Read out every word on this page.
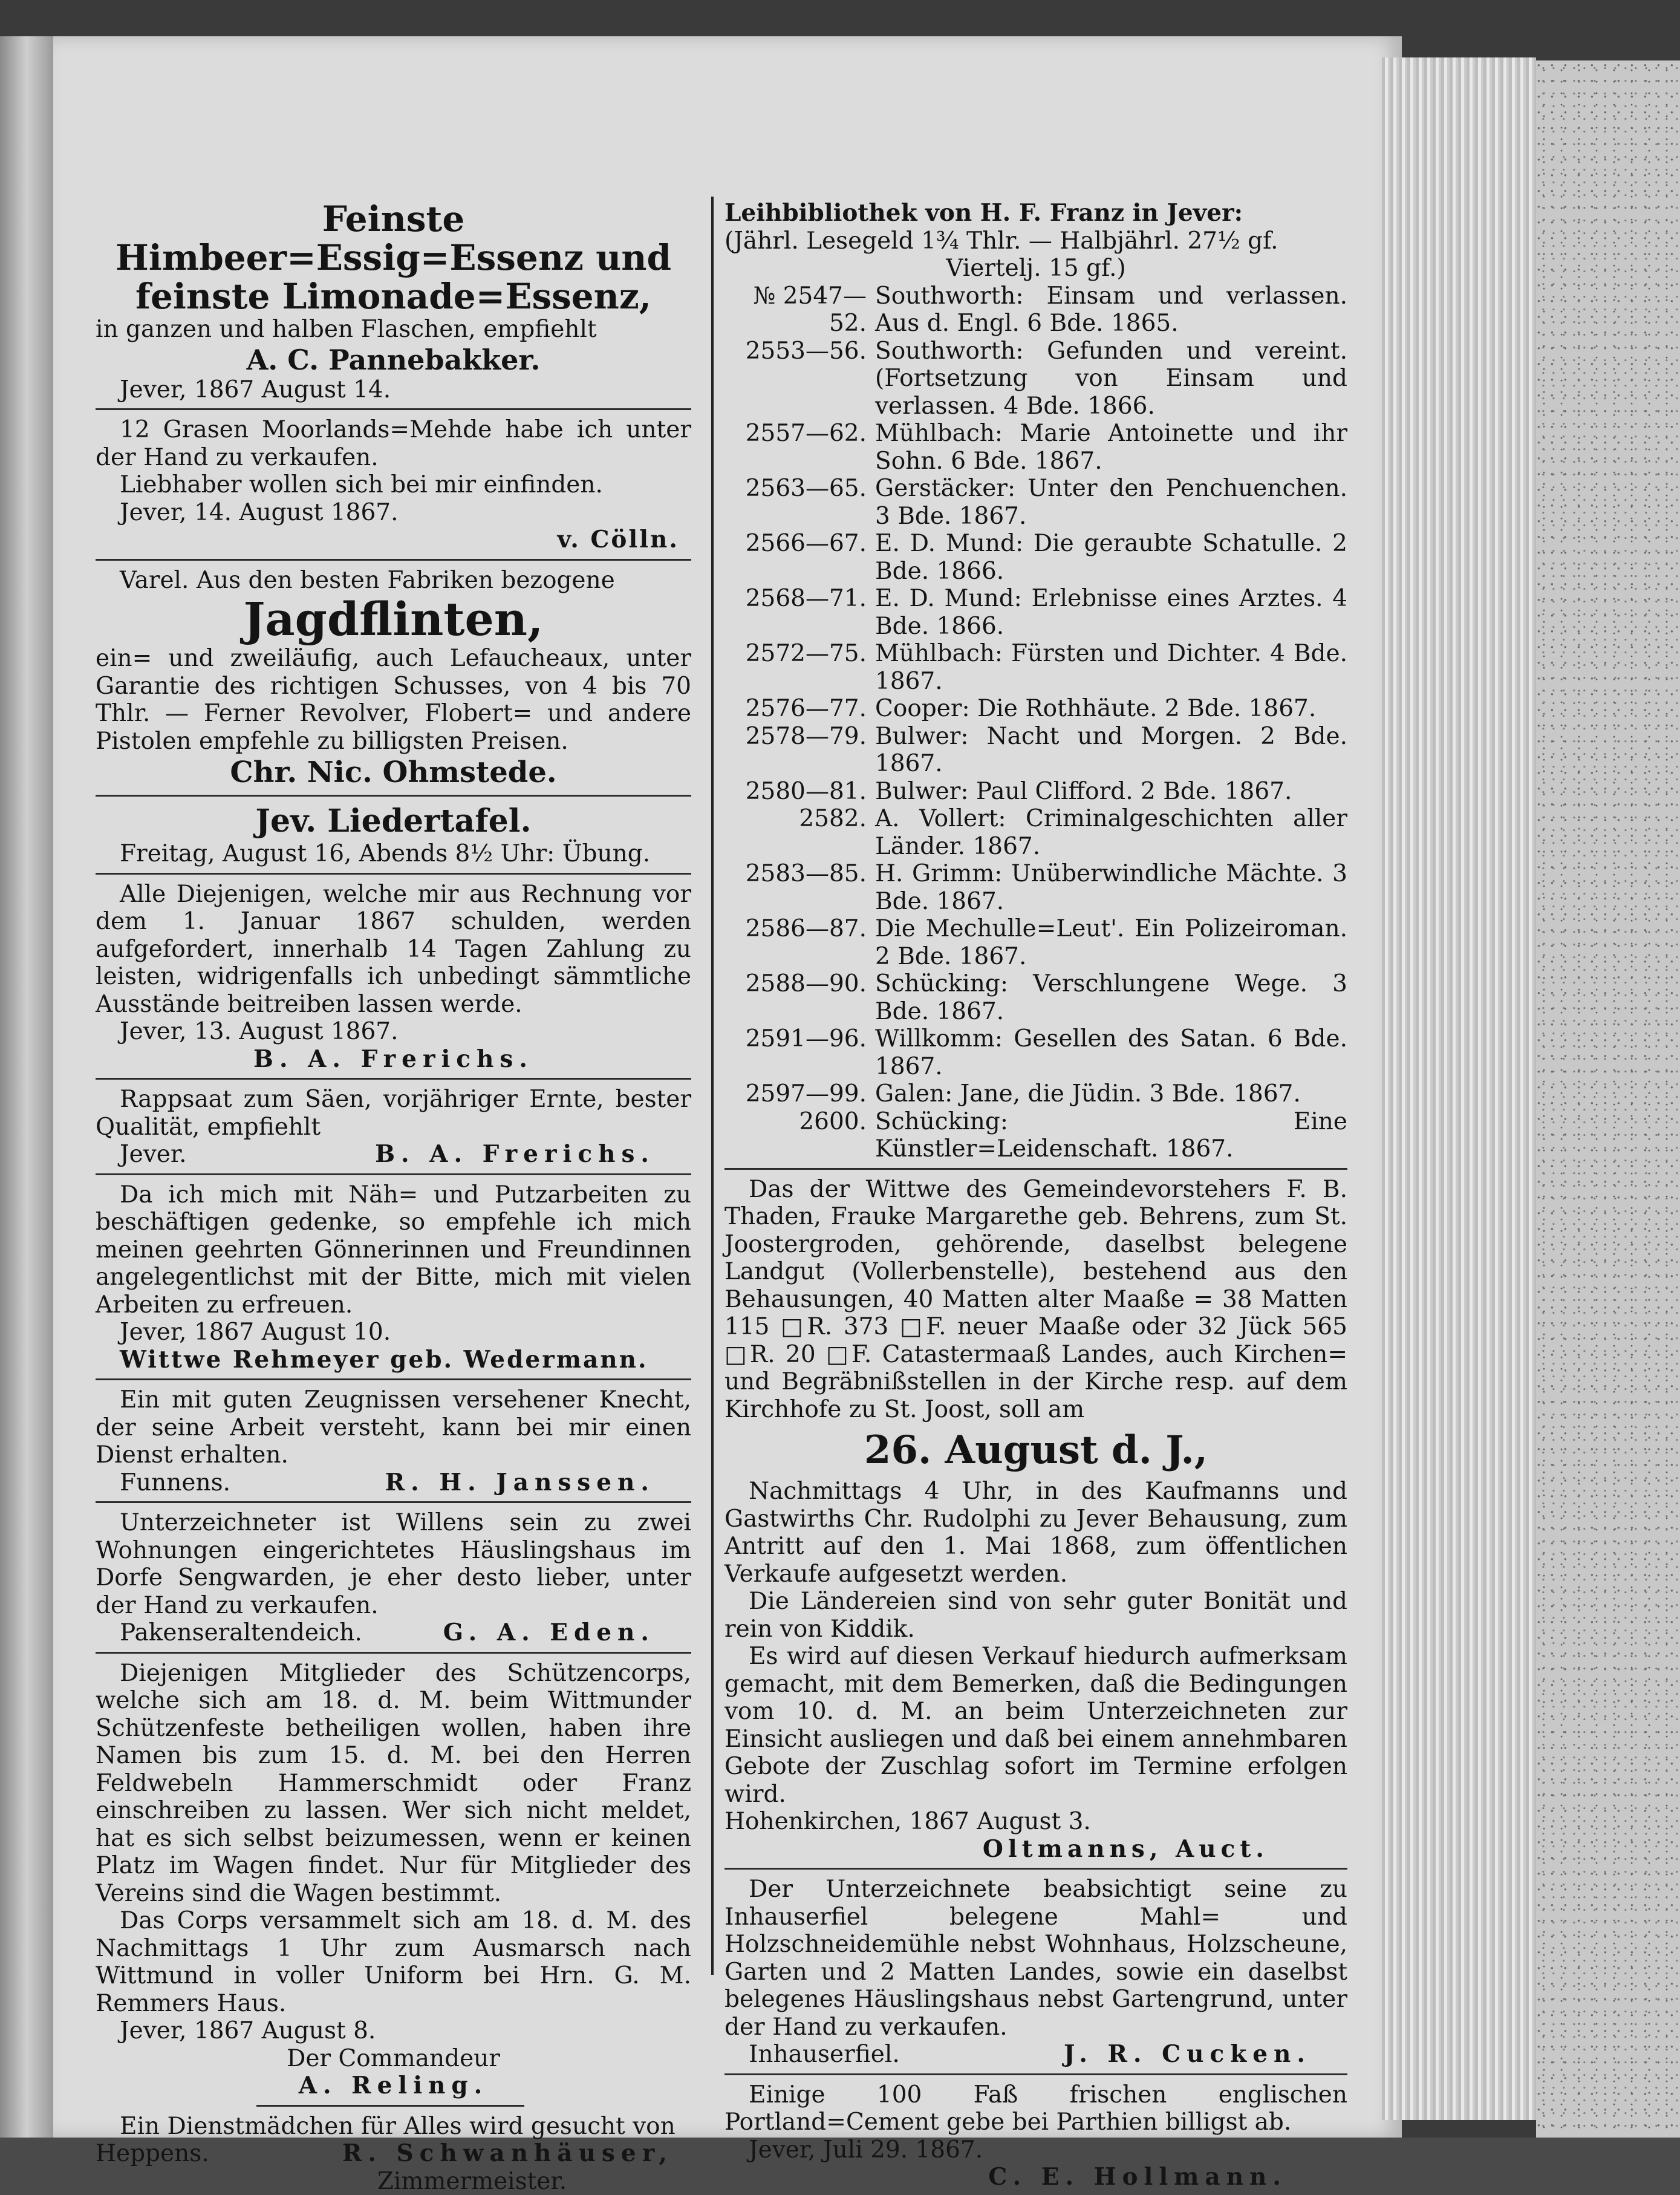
Feinste Himbeer=Essig=Essenz und

feinste Limonade=Essenz,

in ganzen und halben Flaschen, empfiehlt

A. C. Pannebakker.

Jever, 1867 August 14.

12 Grasen Moorlands=Mehde habe ich unter der Hand zu verkaufen.

Liebhaber wollen sich bei mir einfinden.

Jever, 14. August 1867.

v. Cölln.

Varel. Aus den besten Fabriken bezogene

Jagdflinten,

ein= und zweiläufig, auch Lefaucheaux, unter Garantie des richtigen Schusses, von 4 bis 70 Thlr. — Ferner Revolver, Flobert= und andere Pistolen empfehle zu billigsten Preisen.

Chr. Nic. Ohmstede.

Jev. Liedertafel.

Freitag, August 16, Abends 8½ Uhr: Übung.

Alle Diejenigen, welche mir aus Rechnung vor dem 1. Januar 1867 schulden, werden aufgefordert, innerhalb 14 Tagen Zahlung zu leisten, widrigenfalls ich unbedingt sämmtliche Ausstände beitreiben lassen werde.

Jever, 13. August 1867.

B. A. Frerichs.

Rappsaat zum Säen, vorjähriger Ernte, bester Qualität, empfiehlt

Jever.	B. A. Frerichs.

Da ich mich mit Näh= und Putzarbeiten zu beschäftigen gedenke, so empfehle ich mich meinen geehrten Gönnerinnen und Freundinnen angelegentlichst mit der Bitte, mich mit vielen Arbeiten zu erfreuen.

Jever, 1867 August 10.

Wittwe Rehmeyer geb. Wedermann.

Ein mit guten Zeugnissen versehener Knecht, der seine Arbeit versteht, kann bei mir einen Dienst erhalten.

Funnens.	R. H. Janssen.

Unterzeichneter ist Willens sein zu zwei Wohnungen eingerichtetes Häuslingshaus im Dorfe Sengwarden, je eher desto lieber, unter der Hand zu verkaufen.

Pakenseraltendeich.	G. A. Eden.

Diejenigen Mitglieder des Schützencorps, welche sich am 18. d. M. beim Wittmunder Schützenfeste betheiligen wollen, haben ihre Namen bis zum 15. d. M. bei den Herren Feldwebeln Hammerschmidt oder Franz einschreiben zu lassen. Wer sich nicht meldet, hat es sich selbst beizumessen, wenn er keinen Platz im Wagen findet. Nur für Mitglieder des Vereins sind die Wagen bestimmt.

Das Corps versammelt sich am 18. d. M. des Nachmittags 1 Uhr zum Ausmarsch nach Wittmund in voller Uniform bei Hrn. G. M. Remmers Haus.

Jever, 1867 August 8.

Der Commandeur

A. Reling.

Ein Dienstmädchen für Alles wird gesucht von

Heppens.	R. Schwanhäuser,

Zimmermeister.

Leihbibliothek von H. F. Franz in Jever:

(Jährl. Lesegeld 1¾ Thlr. — Halbjährl. 27½ gf.

Viertelj. 15 gf.)

№ 2547—52.
Southworth: Einsam und verlassen. Aus d. Engl. 6 Bde. 1865.
2553—56. Southworth: Gefunden und vereint. (Fortsetzung von Einsam und verlassen. 4 Bde. 1866.
2557—62. Mühlbach: Marie Antoinette und ihr Sohn. 6 Bde. 1867.
2563—65. Gerstäcker: Unter den Penchuenchen. 3 Bde. 1867.
2566—67. E. D. Mund: Die geraubte Schatulle. 2 Bde. 1866.
2568—71. E. D. Mund: Erlebnisse eines Arztes. 4 Bde. 1866.
2572—75. Mühlbach: Fürsten und Dichter. 4 Bde. 1867.
2576—77. Cooper: Die Rothhäute. 2 Bde. 1867.
2578—79. Bulwer: Nacht und Morgen. 2 Bde. 1867.
2580—81. Bulwer: Paul Clifford. 2 Bde. 1867.
2582. A. Vollert: Criminalgeschichten aller Länder. 1867.
2583—85. H. Grimm: Unüberwindliche Mächte. 3 Bde. 1867.
2586—87. Die Mechulle=Leut'. Ein Polizeiroman. 2 Bde. 1867.
2588—90. Schücking: Verschlungene Wege. 3 Bde. 1867.
2591—96. Willkomm: Gesellen des Satan. 6 Bde. 1867.
2597—99. Galen: Jane, die Jüdin. 3 Bde. 1867.
2600. Schücking: Eine Künstler=Leidenschaft. 1867.

Das der Wittwe des Gemeindevorstehers F. B. Thaden, Frauke Margarethe geb. Behrens, zum St. Joostergroden, gehörende, daselbst belegene Landgut (Vollerbenstelle), bestehend aus den Behausungen, 40 Matten alter Maaße = 38 Matten 115 □R. 373 □F. neuer Maaße oder 32 Jück 565 □R. 20 □F. Catastermaaß Landes, auch Kirchen= und Begräbnißstellen in der Kirche resp. auf dem Kirchhofe zu St. Joost, soll am

26. August d. J.,

Nachmittags 4 Uhr, in des Kaufmanns und Gastwirths Chr. Rudolphi zu Jever Behausung, zum Antritt auf den 1. Mai 1868, zum öffentlichen Verkaufe aufgesetzt werden.

Die Ländereien sind von sehr guter Bonität und rein von Kiddik.

Es wird auf diesen Verkauf hiedurch aufmerksam gemacht, mit dem Bemerken, daß die Bedingungen vom 10. d. M. an beim Unterzeichneten zur Einsicht ausliegen und daß bei einem annehmbaren Gebote der Zuschlag sofort im Termine erfolgen wird.

Hohenkirchen, 1867 August 3.

Oltmanns, Auct.

Der Unterzeichnete beabsichtigt seine zu Inhauserfiel belegene Mahl= und Holzschneidemühle nebst Wohnhaus, Holzscheune, Garten und 2 Matten Landes, sowie ein daselbst belegenes Häuslingshaus nebst Gartengrund, unter der Hand zu verkaufen.

Inhauserfiel.	J. R. Cucken.

Einige 100 Faß frischen englischen Portland=Cement gebe bei Parthien billigst ab.

Jever, Juli 29. 1867.

C. E. Hollmann.
